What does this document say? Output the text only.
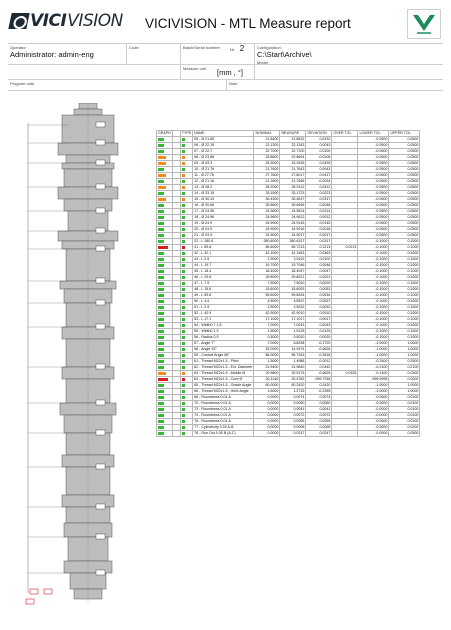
VICI VISION VICIVISION - MTL Measure report
Operator
Administrator: admin-eng
Code	Batch/Serial Number	Nr. 2	Configuration
C:\Start\Archive\
Model
Measure unit	[mm , °]
Program note	Note
GRAPH		TYPE	NAME	NOMINAL	MEASURE	DEVIATION	OVER TOL.	LOWER TOL.	UPPER TOL.
			05 - Ø 21.85	21.8400	21.8632	0.0232		-0.0500	0.0500
			06 - Ø 22.15	22.1300	22.1343	0.0043		-0.0500	0.0500
			07 - Ø 22.7	22.7000	22.7100	0.0100		-0.0500	0.0500
			08 - Ø 23.88	23.8800	23.8694	-0.0106		-0.0500	0.0500
			09 - Ø 33.3	33.3000	33.3435	0.0435		-0.0500	0.0500
			10 - Ø 21.76	21.7600	21.7643	0.0043		-0.0500	0.0500
			11 - Ø 27.76	27.7600	27.8017	0.0417		-0.0500	0.0500
			12 - Ø 21.16	21.1600	21.1566	-0.0034		-0.0500	0.0500
			13 - Ø 28.2	28.2000	28.2412	0.0412		-0.0500	0.0500
			14 - Ø 33.15	33.1500	33.1723	0.0223		-0.0500	0.0500
			15 - Ø 30.43	30.4300	30.4617	0.0317		-0.0500	0.0500
			16 - Ø 30.66	30.6600	30.6646	0.0046		-0.0500	0.0500
			17 - Ø 24.96	24.9600	24.9814	0.0214		-0.0500	0.0500
			18 - Ø 24.96	24.9600	24.9612	0.0012		-0.0500	0.0500
			19 - Ø 24.9	24.9000	24.9145	0.0145		-0.0500	0.0500
			20 - Ø 24.9	24.9000	24.9016	0.0016		-0.0500	0.0500
			21 - Ø 24.9	24.9000	24.9017	0.0017		-0.0500	0.0500
			22 - L 280.6	280.6000	280.6317	0.0317		-0.1000	0.1000
			41 - L 89.6	89.6000	89.7213	0.1213	0.0213	-0.1000	0.1000
			42 - L 42.1	42.1000	42.1463	0.0463		-0.1000	0.1000
			43 - L 2.9	2.9000	2.9102	0.0102		-0.1000	0.1000
			44 - L 19.7	19.7000	19.7046	0.0046		-0.1000	0.1000
			45 - L 18.4	18.4000	18.4047	0.0047		-0.1000	0.1000
			46 - L 29.8	29.8000	29.8021	0.0021		-0.1000	0.1000
			47 - L 7.5	7.5000	7.5020	0.0020		-0.1000	0.1000
			48 - L 15.6	15.6000	15.6053	0.0053		-0.1000	0.1000
			49 - L 59.6	59.6000	59.6534	0.0534		-0.1000	0.1000
			50 - L 4.5	4.5000	4.5537	0.0537		-0.1000	0.1000
			51 - L 2.5	2.5000	2.5032	0.0032		-0.1000	0.1000
			52 - L 42.9	42.9000	42.9010	0.0010		-0.1000	0.1000
			53 - L 17.1	17.1000	17.1017	0.0017		-0.1000	0.1000
			54 - Width0.7 1.6	7.0000	7.0043	0.0043		-0.1000	0.1000
			55 - Width0 1.9	1.9000	1.9125	0.0125		-0.1000	0.1000
			56 - Radius 0.5	0.5000	0.5020	0.0020		-0.1000	0.1000
			57 - Angle 7°	7.0000	6.8298	-0.1702		-1.0000	1.0000
			58 - Angle 15°	15.0000	14.9374	-0.0626		-1.0000	1.0000
			59 - Conical Angle 86°	86.0000	85.7343	-0.2618		-1.0000	1.0000
			61 - Thread M22x1.5 - Pitch	1.5000	1.4988	-0.0012		-0.2500	0.2500
			62 - Thread M22x1.5 - Ext. Diameter	21.9400	21.9840	0.0440		-0.2100	0.2100
			63 - Thread M22x1.5 - Middle Ø	20.9800	20.9175	-0.0625	0.0325	-0.1400	0.0300
			64 - Thread M22x1.5 - Core Ø	20.3140	20.4782	-999.7918		-999.9999	0.0000
			65 - Thread M22x1.5 - Oracle Angle	60.0000	60.2420	0.2420		-1.0000	1.0000
			66 - Thread M22x1.5 - Helix Angle	1.5000	1.2715	-0.2285		-1.0000	1.0000
			68 - Roundness 0.01 A	0.0000	0.0074	0.0074		-0.0000	0.0100
			70 - Roundness 0.01 A	0.0000	0.0050	0.0050		-0.0000	0.0100
			72 - Roundness 0.01 A	0.0000	0.0041	0.0041		-0.0000	0.0100
			74 - Roundness 0.01 A	0.0000	0.0072	0.0072		-0.0000	0.0100
			76 - Roundness 0.01 A	0.0000	0.0055	0.0055		-0.0000	0.0100
			77 - Cylindricity 0.02 A-B	0.0000	0.0096	0.0096		-0.0000	0.0200
			78 - Run Out 0.05 B (A-C)	0.0000	0.0247	0.0247		-0.0000	0.0500
